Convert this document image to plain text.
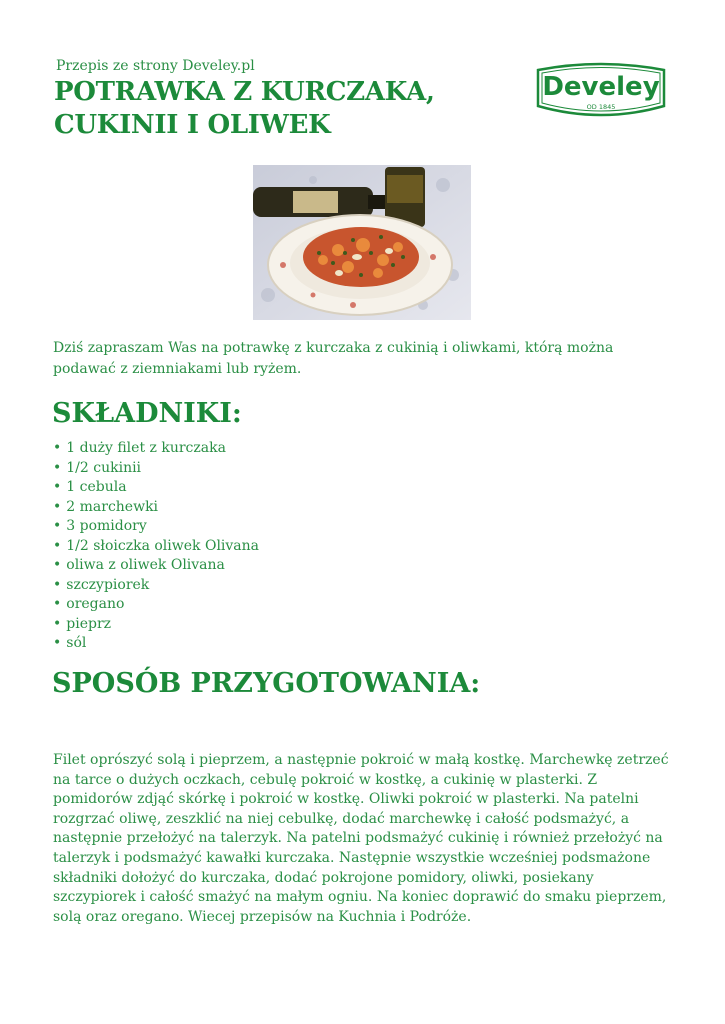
Przepis ze strony Develey.pl
POTRAWKA Z KURCZAKA,
CUKINII I OLIWEK
Develey
OD 1845

Dziś zapraszam Was na potrawkę z kurczaka z cukinią i oliwkami, którą można podawać z ziemniakami lub ryżem.

SKŁADNIKI:
• 1 duży filet z kurczaka
• 1/2 cukinii
• 1 cebula
• 2 marchewki
• 3 pomidory
• 1/2 słoiczka oliwek Olivana
• oliwa z oliwek Olivana
• szczypiorek
• oregano
• pieprz
• sól
SPOSÓB PRZYGOTOWANIA:

Filet oprószyć solą i pieprzem, a następnie pokroić w małą kostkę. Marchewkę zetrzeć na tarce o dużych oczkach, cebulę pokroić w kostkę, a cukinię w plasterki. Z pomidorów zdjąć skórkę i pokroić w kostkę. Oliwki pokroić w plasterki. Na patelni rozgrzać oliwę, zeszklić na niej cebulkę, dodać marchewkę i całość podsmażyć, a następnie przełożyć na talerzyk. Na patelni podsmażyć cukinię i również przełożyć na talerzyk i podsmażyć kawałki kurczaka. Następnie wszystkie wcześniej podsmażone składniki dołożyć do kurczaka, dodać pokrojone pomidory, oliwki, posiekany szczypiorek i całość smażyć na małym ogniu. Na koniec doprawić do smaku pieprzem, solą oraz oregano. Wiecej przepisów na Kuchnia i Podróże.
